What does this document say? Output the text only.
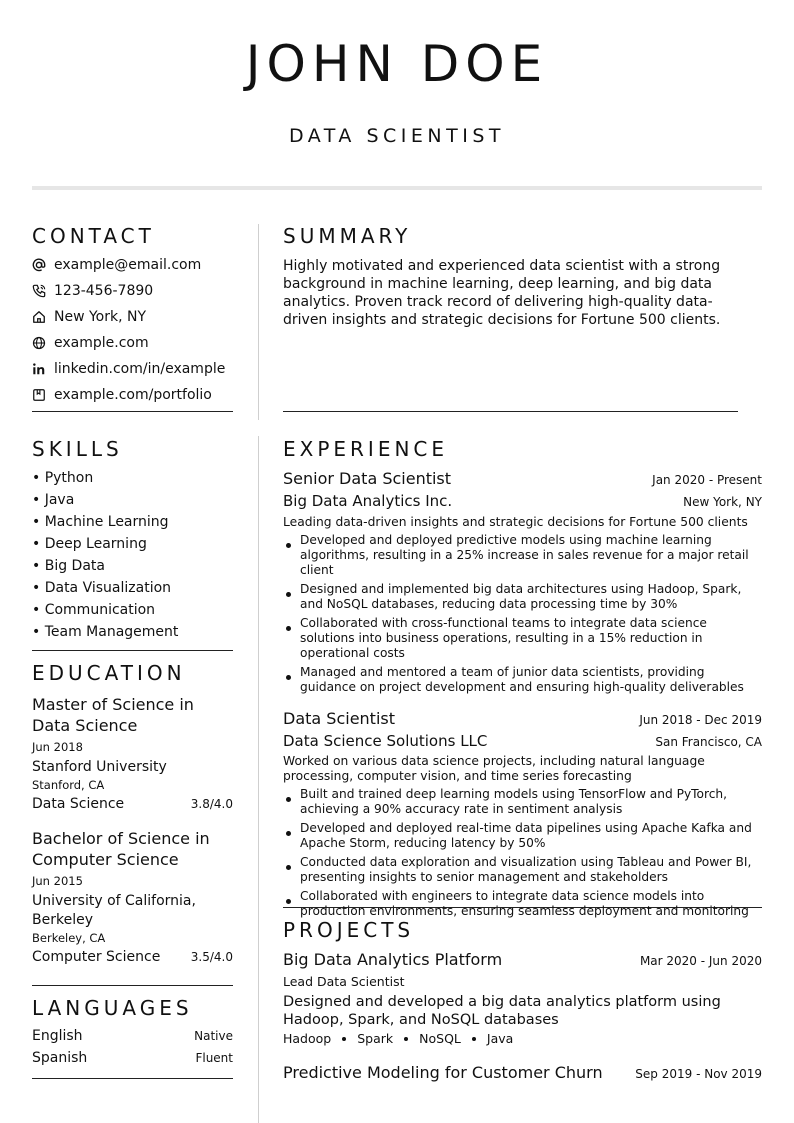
JOHN DOE
DATA SCIENTIST
CONTACT
example@email.com
123-456-7890
New York, NY
example.com
linkedin.com/in/example
example.com/portfolio
SKILLS
• Python
• Java
• Machine Learning
• Deep Learning
• Big Data
• Data Visualization
• Communication
• Team Management
EDUCATION
Master of Science in Data Science
Jun 2018
Stanford University
Stanford, CA
Data Science	3.8/4.0
Bachelor of Science in Computer Science
Jun 2015
University of California, Berkeley
Berkeley, CA
Computer Science	3.5/4.0
LANGUAGES
English	Native
Spanish	Fluent
SUMMARY
Highly motivated and experienced data scientist with a strong background in machine learning, deep learning, and big data analytics. Proven track record of delivering high-quality data-driven insights and strategic decisions for Fortune 500 clients.
EXPERIENCE
Senior Data Scientist	Jan 2020 - Present
Big Data Analytics Inc.	New York, NY
Leading data-driven insights and strategic decisions for Fortune 500 clients
Developed and deployed predictive models using machine learning algorithms, resulting in a 25% increase in sales revenue for a major retail client
Designed and implemented big data architectures using Hadoop, Spark, and NoSQL databases, reducing data processing time by 30%
Collaborated with cross-functional teams to integrate data science solutions into business operations, resulting in a 15% reduction in operational costs
Managed and mentored a team of junior data scientists, providing guidance on project development and ensuring high-quality deliverables
Data Scientist	Jun 2018 - Dec 2019
Data Science Solutions LLC	San Francisco, CA
Worked on various data science projects, including natural language processing, computer vision, and time series forecasting
Built and trained deep learning models using TensorFlow and PyTorch, achieving a 90% accuracy rate in sentiment analysis
Developed and deployed real-time data pipelines using Apache Kafka and Apache Storm, reducing latency by 50%
Conducted data exploration and visualization using Tableau and Power BI, presenting insights to senior management and stakeholders
Collaborated with engineers to integrate data science models into production environments, ensuring seamless deployment and monitoring
PROJECTS
Big Data Analytics Platform	Mar 2020 - Jun 2020
Lead Data Scientist
Designed and developed a big data analytics platform using Hadoop, Spark, and NoSQL databases
Hadoop Spark NoSQL Java
Predictive Modeling for Customer Churn	Sep 2019 - Nov 2019
